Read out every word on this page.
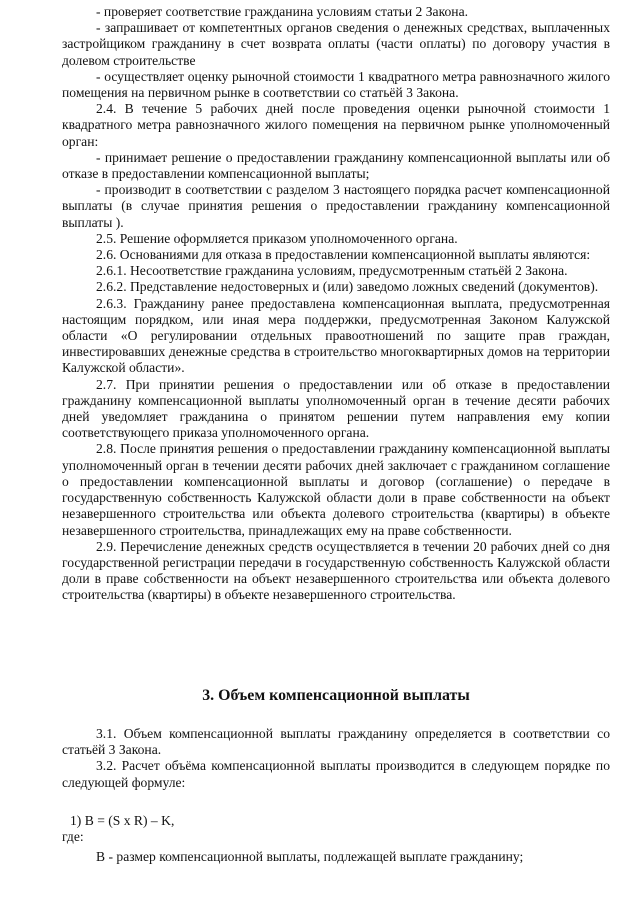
- проверяет соответствие гражданина условиям статьи 2 Закона.

- запрашивает от компетентных органов сведения о денежных средствах, выплаченных застройщиком гражданину в счет возврата оплаты (части оплаты) по договору участия в долевом строительстве

- осуществляет оценку рыночной стоимости 1 квадратного метра равнозначного жилого помещения на первичном рынке в соответствии со статьёй 3 Закона.

2.4. В течение 5 рабочих дней после проведения оценки рыночной стоимости 1 квадратного метра равнозначного жилого помещения на первичном рынке уполномоченный орган:

- принимает решение о предоставлении гражданину компенсационной выплаты или об отказе в предоставлении компенсационной выплаты;

- производит в соответствии с разделом 3 настоящего порядка расчет компенсационной выплаты (в случае принятия решения о предоставлении гражданину компенсационной выплаты ).

2.5. Решение оформляется приказом уполномоченного органа.

2.6. Основаниями для отказа в предоставлении компенсационной выплаты являются:

2.6.1. Несоответствие гражданина условиям, предусмотренным статьёй 2 Закона.

2.6.2. Представление недостоверных и (или) заведомо ложных сведений (документов).

2.6.3. Гражданину ранее предоставлена компенсационная выплата, предусмотренная настоящим порядком, или иная мера поддержки, предусмотренная Законом Калужской области «О регулировании отдельных правоотношений по защите прав граждан, инвестировавших денежные средства в строительство многоквартирных домов на территории Калужской области».

2.7. При принятии решения о предоставлении или об отказе в предоставлении гражданину компенсационной выплаты уполномоченный орган в течение десяти рабочих дней уведомляет гражданина о принятом решении путем направления ему копии соответствующего приказа уполномоченного органа.

2.8. После принятия решения о предоставлении гражданину компенсационной выплаты уполномоченный орган в течении десяти рабочих дней заключает с гражданином соглашение о предоставлении компенсационной выплаты и договор (соглашение) о передаче в государственную собственность Калужской области доли в праве собственности на объект незавершенного строительства или объекта долевого строительства (квартиры) в объекте незавершенного строительства, принадлежащих ему на праве собственности.

2.9. Перечисление денежных средств осуществляется в течении 20 рабочих дней со дня государственной регистрации передачи в государственную собственность Калужской области доли в праве собственности на объект незавершенного строительства или объекта долевого строительства (квартиры) в объекте незавершенного строительства.

3. Объем компенсационной выплаты

3.1. Объем компенсационной выплаты гражданину определяется в соответствии со статьёй 3 Закона.

3.2. Расчет объёма компенсационной выплаты производится в следующем порядке по следующей формуле:

1) В = (S х R) – K,

где:

В - размер компенсационной выплаты, подлежащей выплате гражданину;
